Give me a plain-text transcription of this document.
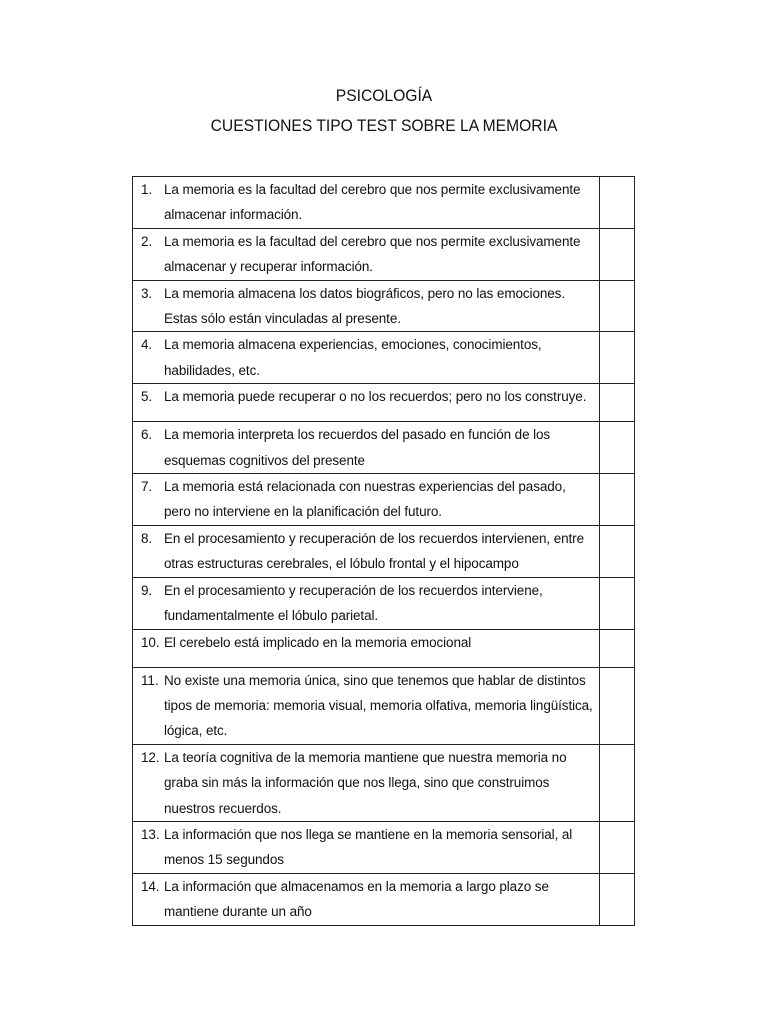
PSICOLOGÍA
CUESTIONES TIPO TEST SOBRE LA MEMORIA
1. La memoria es la facultad del cerebro que nos permite exclusivamente almacenar información.	

2. La memoria es la facultad del cerebro que nos permite exclusivamente almacenar y recuperar información.	

3. La memoria almacena los datos biográficos, pero no las emociones. Estas sólo están vinculadas al presente.	

4. La memoria almacena experiencias, emociones, conocimientos, habilidades, etc.	

5. La memoria puede recuperar o no los recuerdos; pero no los construye.	

6. La memoria interpreta los recuerdos del pasado en función de los esquemas cognitivos del presente	

7. La memoria está relacionada con nuestras experiencias del pasado, pero no interviene en la planificación del futuro.	

8. En el procesamiento y recuperación de los recuerdos intervienen, entre otras estructuras cerebrales, el lóbulo frontal y el hipocampo	

9. En el procesamiento y recuperación de los recuerdos interviene, fundamentalmente el lóbulo parietal.	

10. El cerebelo está implicado en la memoria emocional	

11. No existe una memoria única, sino que tenemos que hablar de distintos tipos de memoria: memoria visual, memoria olfativa, memoria lingüística, lógica, etc.	

12. La teoría cognitiva de la memoria mantiene que nuestra memoria no graba sin más la información que nos llega, sino que construimos nuestros recuerdos.	

13. La información que nos llega se mantiene en la memoria sensorial, al menos 15 segundos	

14. La información que almacenamos en la memoria a largo plazo se mantiene durante un año	
